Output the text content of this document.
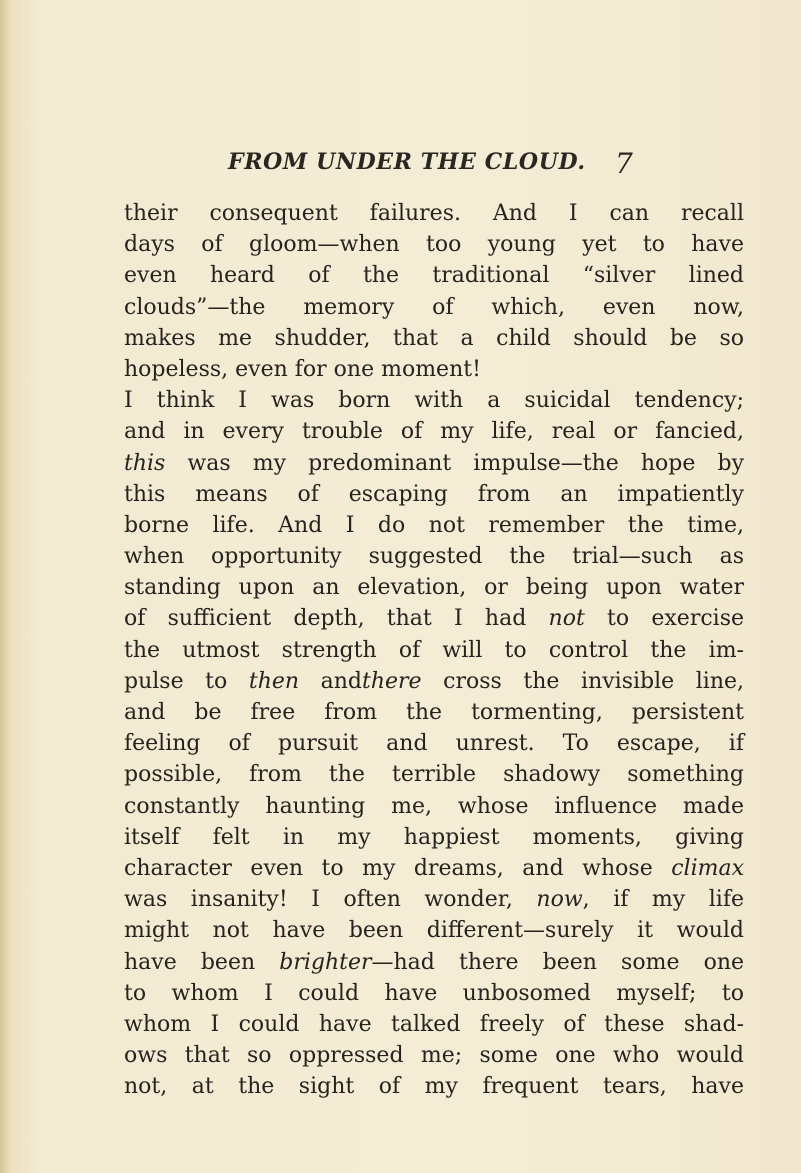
FROM UNDER THE CLOUD. 7
their consequent failures. And I can recall
days of gloom—when too young yet to have
even heard of the traditional “silver lined
clouds”—the memory of which, even now,
makes me shudder, that a child should be so
hopeless, even for one moment!
I think I was born with a suicidal tendency;
and in every trouble of my life, real or fancied,
this was my predominant impulse—the hope by
this means of escaping from an impatiently
borne life. And I do not remember the time,
when opportunity suggested the trial—such as
standing upon an elevation, or being upon water
of sufficient depth, that I had not to exercise
the utmost strength of will to control the im-
pulse to then andthere cross the invisible line,
and be free from the tormenting, persistent
feeling of pursuit and unrest. To escape, if
possible, from the terrible shadowy something
constantly haunting me, whose influence made
itself felt in my happiest moments, giving
character even to my dreams, and whose climax
was insanity! I often wonder, now, if my life
might not have been different—surely it would
have been brighter—had there been some one
to whom I could have unbosomed myself; to
whom I could have talked freely of these shad-
ows that so oppressed me; some one who would
not, at the sight of my frequent tears, have
